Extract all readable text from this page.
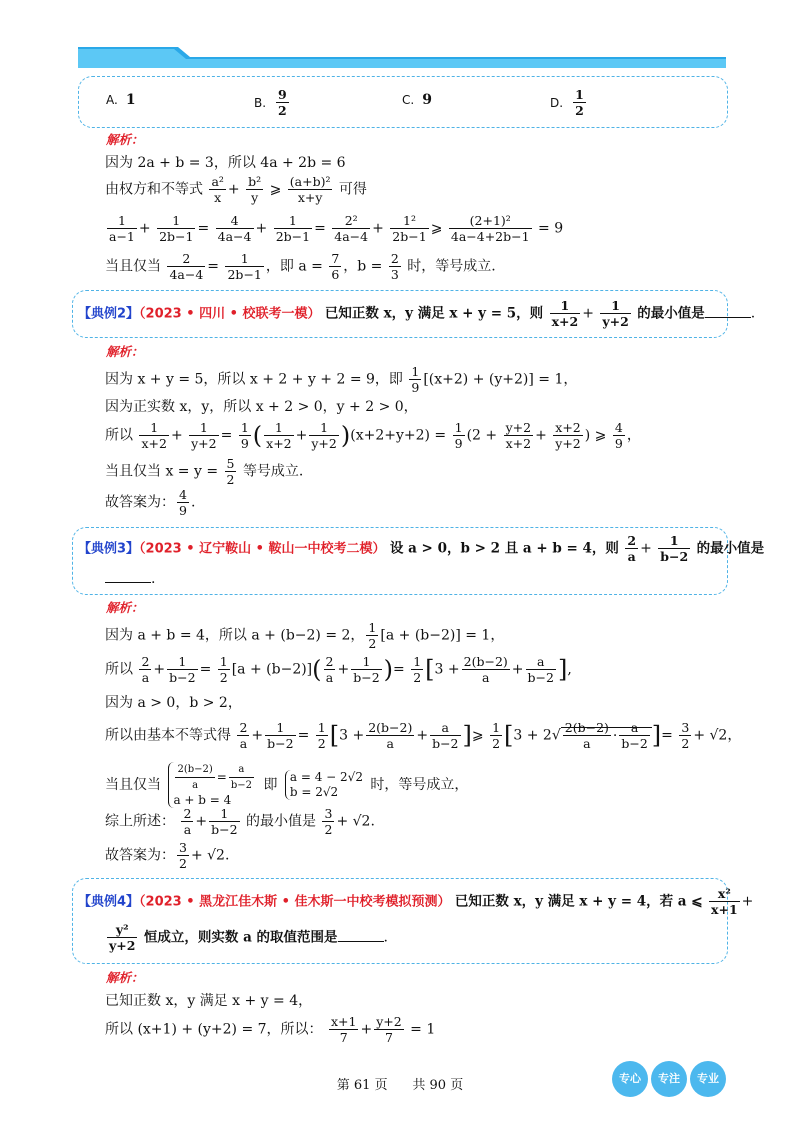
A. 1	B. $\frac{9}{2}$	C. 9	D. $\frac{1}{2}$
解析：
因为 2a + b = 3，所以 4a + 2b = 6
由权方和不等式 $\frac{\text{a²}}{x} + \frac{\text{b²}}{y}$ ⩾ $\frac{\text{(a+b)²}}{x+y}$ 可得
$\frac{1}{a-1} + \frac{1}{2b-1} = \frac{4}{4a-4} + \frac{1}{2b-1} = \frac{\text{2²}}{4a-4} + \frac{\text{1²}}{2b-1}$ ⩾ $\frac{\text{(2+1)²}}{4a-4+2b-1} = 9$
当且仅当 $\frac{2}{4a-4} = \frac{1}{2b-1}$ ，即 $a = \frac{7}{6}$ ，$b = \frac{2}{3}$ 时，等号成立.
【典例2】（2023 • 四川 • 校联考一模） 已知正数 x，y 满足 x + y = 5，则 $\frac{1}{x+2} + \frac{1}{y+2}$ 的最小值是	.
解析：
因为 x + y = 5，所以 x + 2 + y + 2 = 9，即 $\frac{1}{9} [(x+2) + (y+2)] = 1$，
因为正实数 x，y，所以 x + 2 > 0，y + 2 > 0，
所以 $\frac{1}{x+2} + \frac{1}{y+2} = \frac{1}{9}$ ( $\frac{1}{x+2} + \frac{1}{y+2} )(x+2+y+2) = \frac{1}{9} (2 + \frac{y+2}{x+2} + \frac{x+2}{y+2}$ ) ⩾ $\frac{4}{9}$ ，
当且仅当 $x = y = \frac{5}{2}$ 等号成立.
故答案为： $\frac{4}{9}$ .
【典例3】（2023 • 辽宁鞍山 • 鞍山一中校考二模） 设 a > 0，b > 2 且 a + b = 4，则 $\frac{2}{a} + \frac{1}{b-2}$ 的最小值是
.
解析：
因为 a + b = 4，所以 a + (b−2) = 2， $\frac{1}{2} [a + (b-2)] = 1$，
所以 $\frac{2}{a} + \frac{1}{b-2} = \frac{1}{2} [a + (b-2)]( \frac{2}{a} + \frac{1}{b-2}$ )= $\frac{1}{2} [3 + \frac{2(b-2)}{a} + \frac{a}{b-2}$ ],
因为 a > 0，b > 2，
所以由基本不等式得 $\frac{2}{a} + \frac{1}{b-2} = \frac{1}{2} [3 + \frac{2(b-2)}{a} + \frac{a}{b-2}$ ]⩾ $\frac{1}{2} [3 + 2√ \frac{2(b-2)}{a} \cdot \frac{a}{b-2}$ ]= $\frac{3}{2} + √2$，
当且仅当 $\frac{2(b-2)}{a} = \frac{a}{b-2}$

a + b = 4 即 a = 4 − 2√2
b = 2√2 时，等号成立，
综上所述： $\frac{2}{a} + \frac{1}{b-2}$ 的最小值是 $\frac{3}{2} + √2$.
故答案为： $\frac{3}{2} + √2$.
【典例4】（2023 • 黑龙江佳木斯 • 佳木斯一中校考模拟预测） 已知正数 x，y 满足 x + y = 4，若 a ⩽ $\frac{\text{x²}}{x+1}$ +
$\frac{\text{y²}}{y+2}$ 恒成立，则实数 a 的取值范围是	.
解析：
已知正数 x，y 满足 x + y = 4，
所以 (x+1) + (y+2) = 7，所以： $\frac{x+1}{7} + \frac{y+2}{7} = 1$
第 61 页 共 90 页	专心	专注	专业
